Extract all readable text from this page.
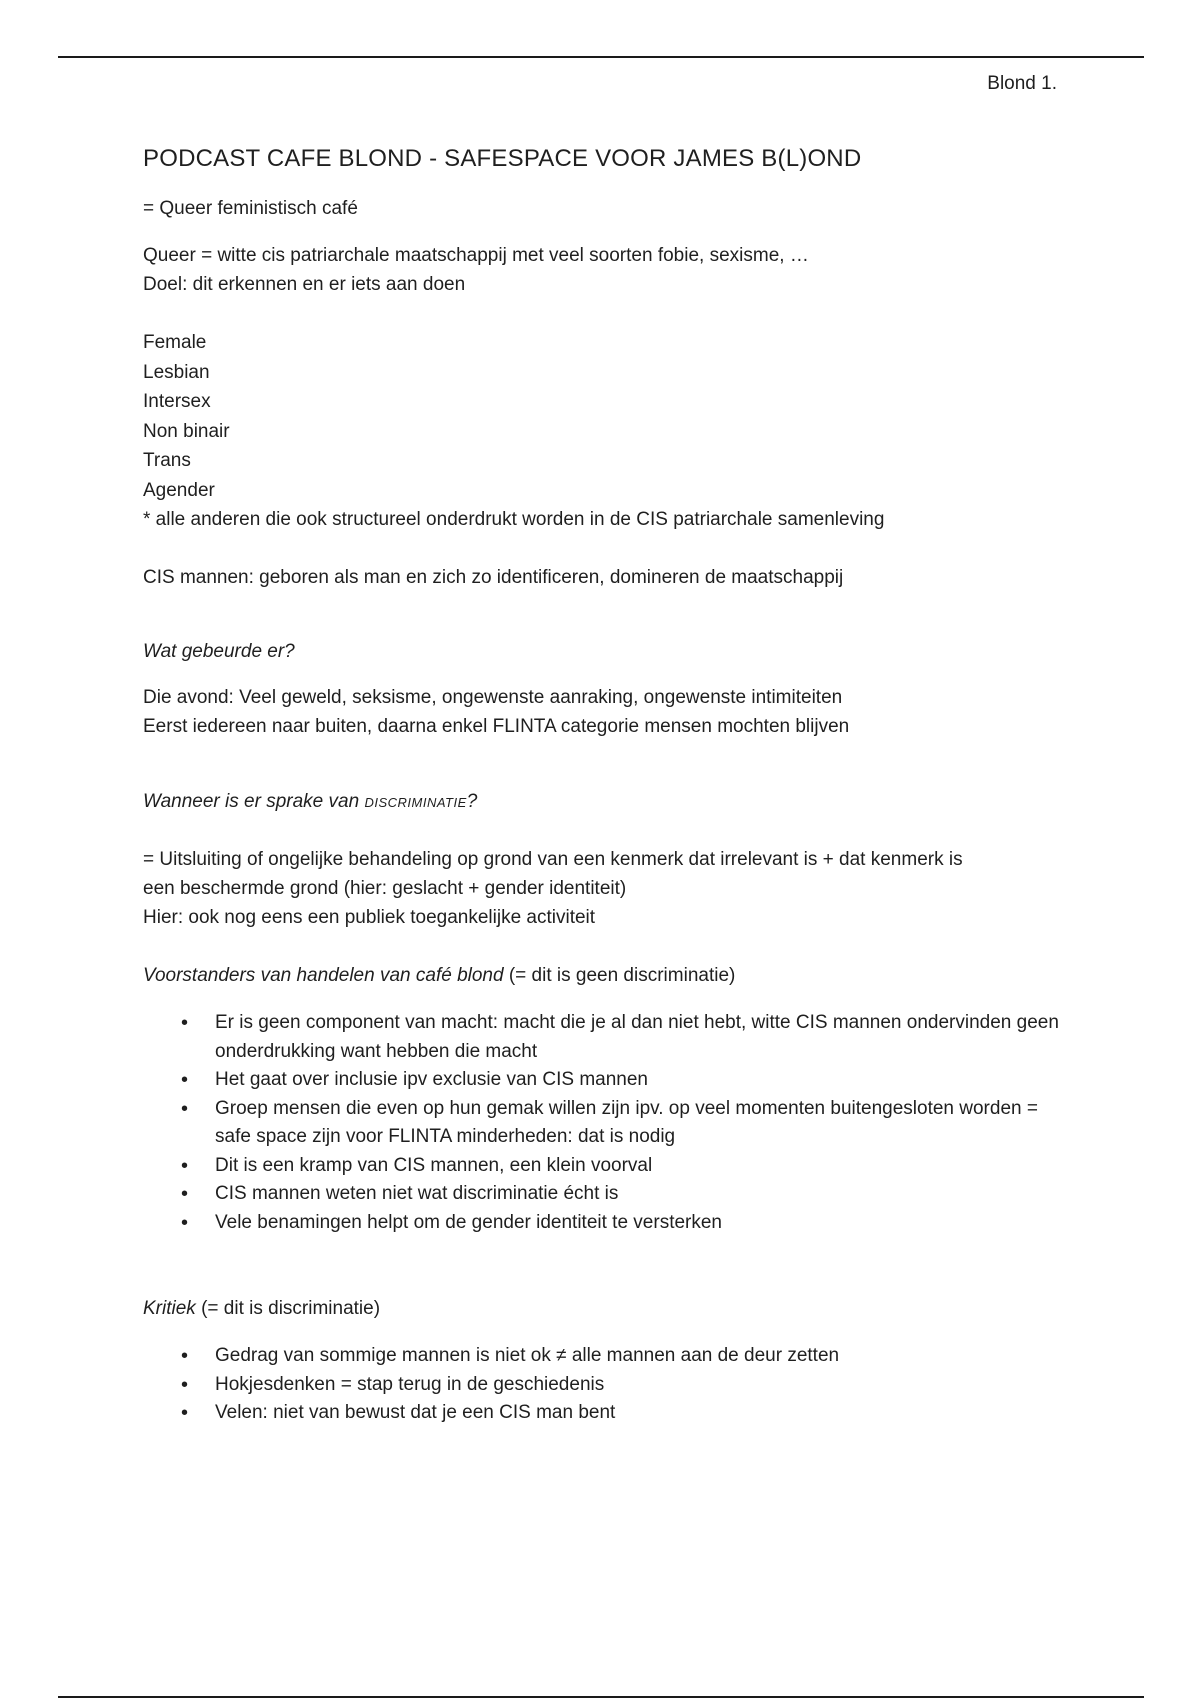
Blond 1.
PODCAST CAFE BLOND - SAFESPACE VOOR JAMES B(L)OND
= Queer feministisch café
Queer = witte cis patriarchale maatschappij met veel soorten fobie, sexisme, …
Doel: dit erkennen en er iets aan doen
Female
Lesbian
Intersex
Non binair
Trans
Agender
* alle anderen die ook structureel onderdrukt worden in de CIS patriarchale samenleving
CIS mannen: geboren als man en zich zo identificeren, domineren de maatschappij
Wat gebeurde er?
Die avond: Veel geweld, seksisme, ongewenste aanraking, ongewenste intimiteiten
Eerst iedereen naar buiten, daarna enkel FLINTA categorie mensen mochten blijven
Wanneer is er sprake van DISCRIMINATIE?
= Uitsluiting of ongelijke behandeling op grond van een kenmerk dat irrelevant is + dat kenmerk is
een beschermde grond (hier: geslacht + gender identiteit)
Hier: ook nog eens een publiek toegankelijke activiteit
Voorstanders van handelen van café blond (= dit is geen discriminatie)
• Er is geen component van macht: macht die je al dan niet hebt, witte CIS mannen ondervinden geen onderdrukking want hebben die macht
• Het gaat over inclusie ipv exclusie van CIS mannen
• Groep mensen die even op hun gemak willen zijn ipv. op veel momenten buitengesloten worden = safe space zijn voor FLINTA minderheden: dat is nodig
• Dit is een kramp van CIS mannen, een klein voorval
• CIS mannen weten niet wat discriminatie écht is
• Vele benamingen helpt om de gender identiteit te versterken
Kritiek (= dit is discriminatie)
• Gedrag van sommige mannen is niet ok ≠ alle mannen aan de deur zetten
• Hokjesdenken = stap terug in de geschiedenis
• Velen: niet van bewust dat je een CIS man bent
